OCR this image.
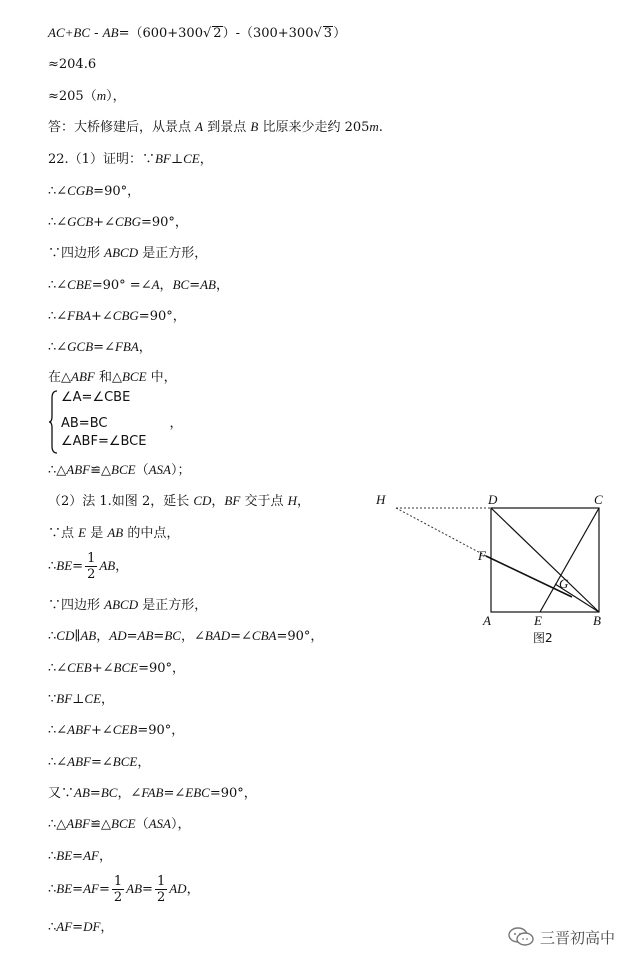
AC+BC - AB=（600+300√ 2）-（300+300√ 3）
≈204.6
≈205（m），
答：大桥修建后，从景点 A 到景点 B 比原来少走约 205m.
22.（1）证明：∵BF⊥CE，
∴∠CGB=90°，
∴∠GCB+∠CBG=90°，
∵四边形 ABCD 是正方形，
∴∠CBE=90° =∠A，BC=AB，
∴∠FBA+∠CBG=90°，
∴∠GCB=∠FBA，
在△ABF 和△BCE 中，
∠A=∠CBE
AB=BC	，
∠ABF=∠BCE
∴△ABF≌△BCE（ASA）；
（2）法 1.如图 2，延长 CD，BF 交于点 H，
∵点 E 是 AB 的中点，
∴BE= $\frac{1}{2}$ AB，
∵四边形 ABCD 是正方形，
∴CD∥AB，AD=AB=BC，∠BAD=∠CBA=90°，
∴∠CEB+∠BCE=90°，
∵BF⊥CE，
∴∠ABF+∠CEB=90°，
∴∠ABF=∠BCE，
又∵AB=BC，∠FAB=∠EBC=90°，
∴△ABF≌△BCE（ASA），
∴BE=AF，
∴BE=AF= $\frac{1}{2} AB= \frac{1}{2}$ AD，
∴AF=DF，
H	D	C
F
G
A	E	B
图2
三晋初高中
